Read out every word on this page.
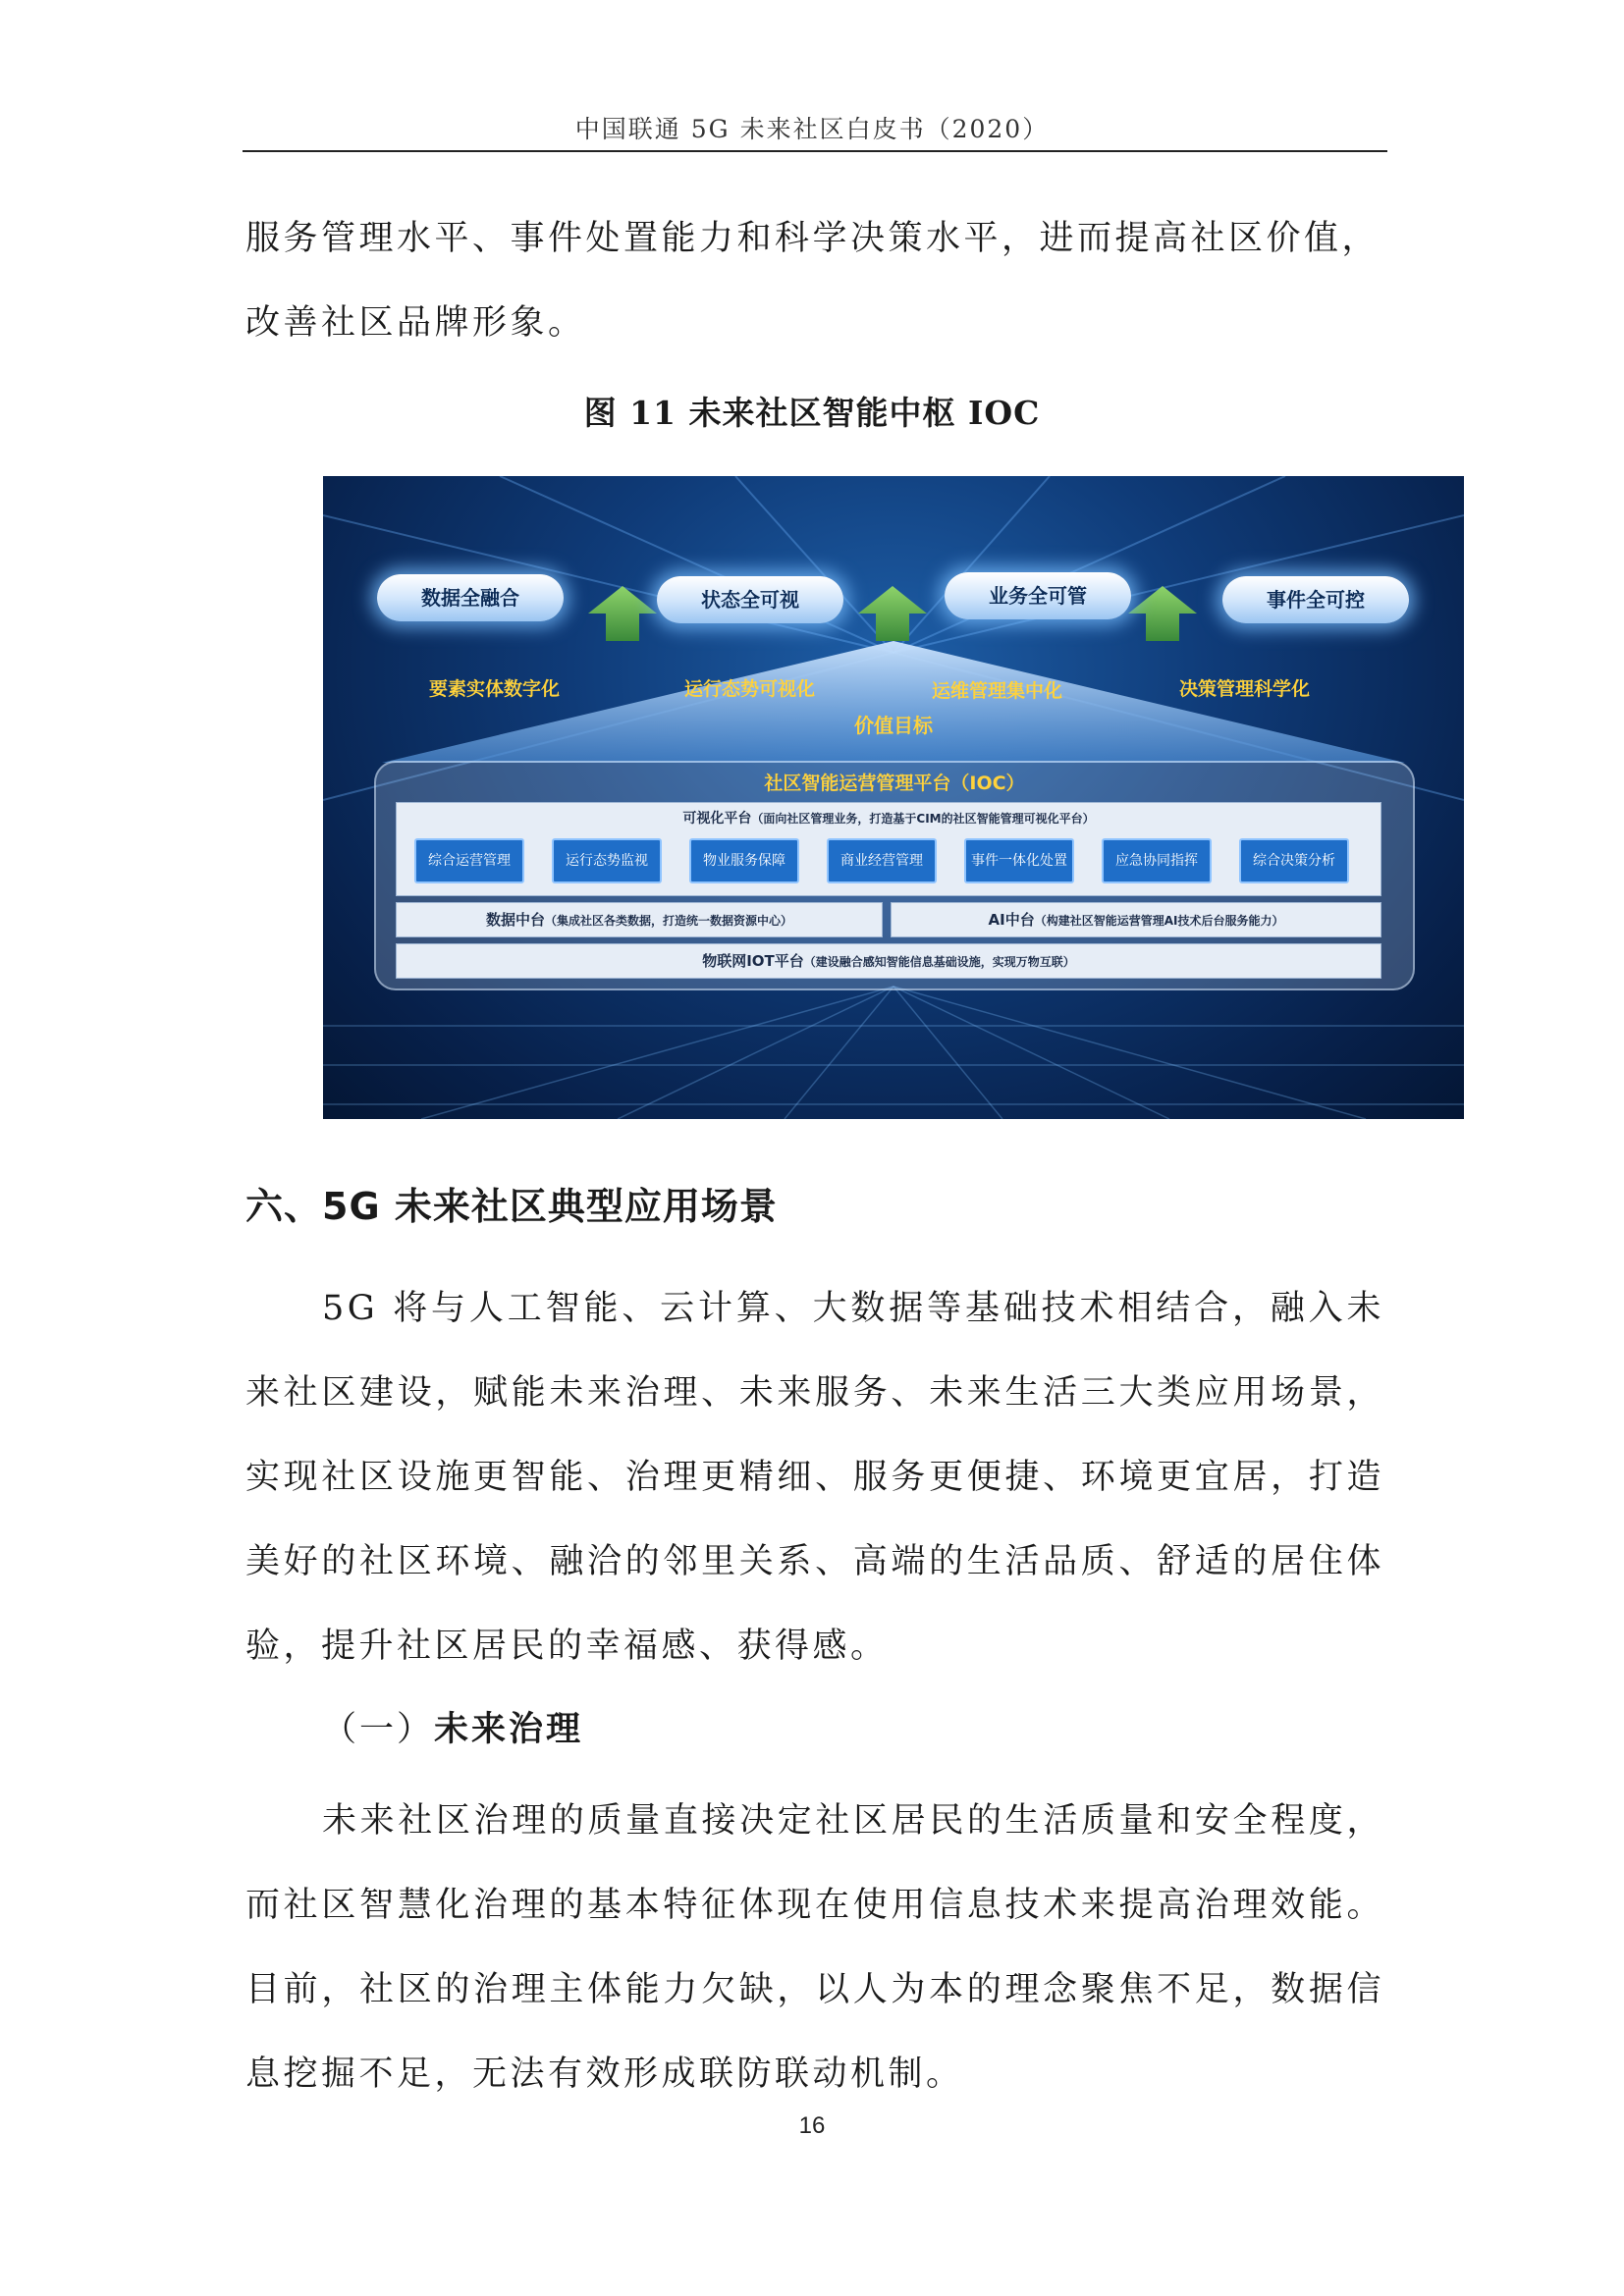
中国联通 5G 未来社区白皮书（2020）

服务管理水平、事件处置能力和科学决策水平，进而提高社区价值，

改善社区品牌形象。

图 11 未来社区智能中枢 IOC
数据全融合	状态全可视	业务全可管	事件全可控
要素实体数字化	运行态势可视化	运维管理集中化	决策管理科学化
价值目标
社区智能运营管理平台（IOC）
可视化平台（面向社区管理业务，打造基于CIM的社区智能管理可视化平台）
综合运营管理	运行态势监视	物业服务保障	商业经营管理	事件一体化处置	应急协同指挥	综合决策分析
数据中台（集成社区各类数据，打造统一数据资源中心）	AI中台（构建社区智能运营管理AI技术后台服务能力）
物联网IOT平台（建设融合感知智能信息基础设施，实现万物互联）
六、5G 未来社区典型应用场景

5G 将与人工智能、云计算、大数据等基础技术相结合，融入未来社区建设，赋能未来治理、未来服务、未来生活三大类应用场景，实现社区设施更智能、治理更精细、服务更便捷、环境更宜居，打造美好的社区环境、融洽的邻里关系、高端的生活品质、舒适的居住体验，提升社区居民的幸福感、获得感。

（一）未来治理

未来社区治理的质量直接决定社区居民的生活质量和安全程度，而社区智慧化治理的基本特征体现在使用信息技术来提高治理效能。目前，社区的治理主体能力欠缺，以人为本的理念聚焦不足，数据信息挖掘不足，无法有效形成联防联动机制。

16
